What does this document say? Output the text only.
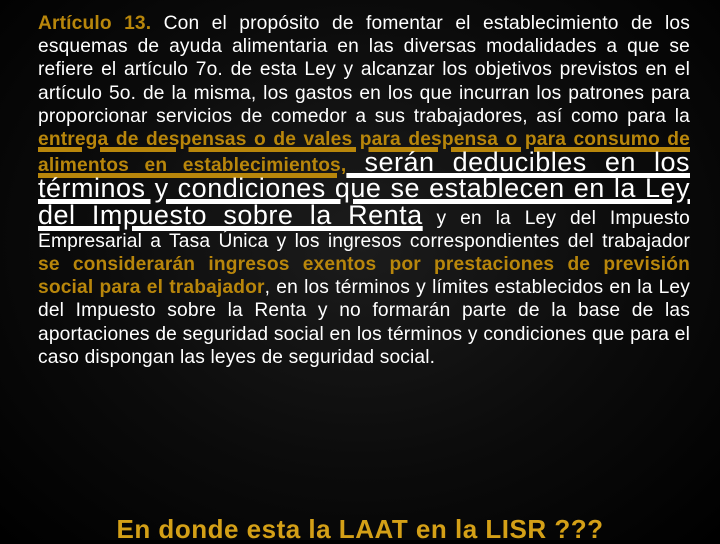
Artículo 13. Con el propósito de fomentar el establecimiento de los esquemas de ayuda alimentaria en las diversas modalidades a que se refiere el artículo 7o. de esta Ley y alcanzar los objetivos previstos en el artículo 5o. de la misma, los gastos en los que incurran los patrones para proporcionar servicios de comedor a sus trabajadores, así como para la entrega de despensas o de vales para despensa o para consumo de alimentos en establecimientos, serán deducibles en los términos y condiciones que se establecen en la Ley del Impuesto sobre la Renta y en la Ley del Impuesto Empresarial a Tasa Única y los ingresos correspondientes del trabajador se considerarán ingresos exentos por prestaciones de previsión social para el trabajador, en los términos y límites establecidos en la Ley del Impuesto sobre la Renta y no formarán parte de la base de las aportaciones de seguridad social en los términos y condiciones que para el caso dispongan las leyes de seguridad social.
En donde esta la LAAT en la LISR ???
